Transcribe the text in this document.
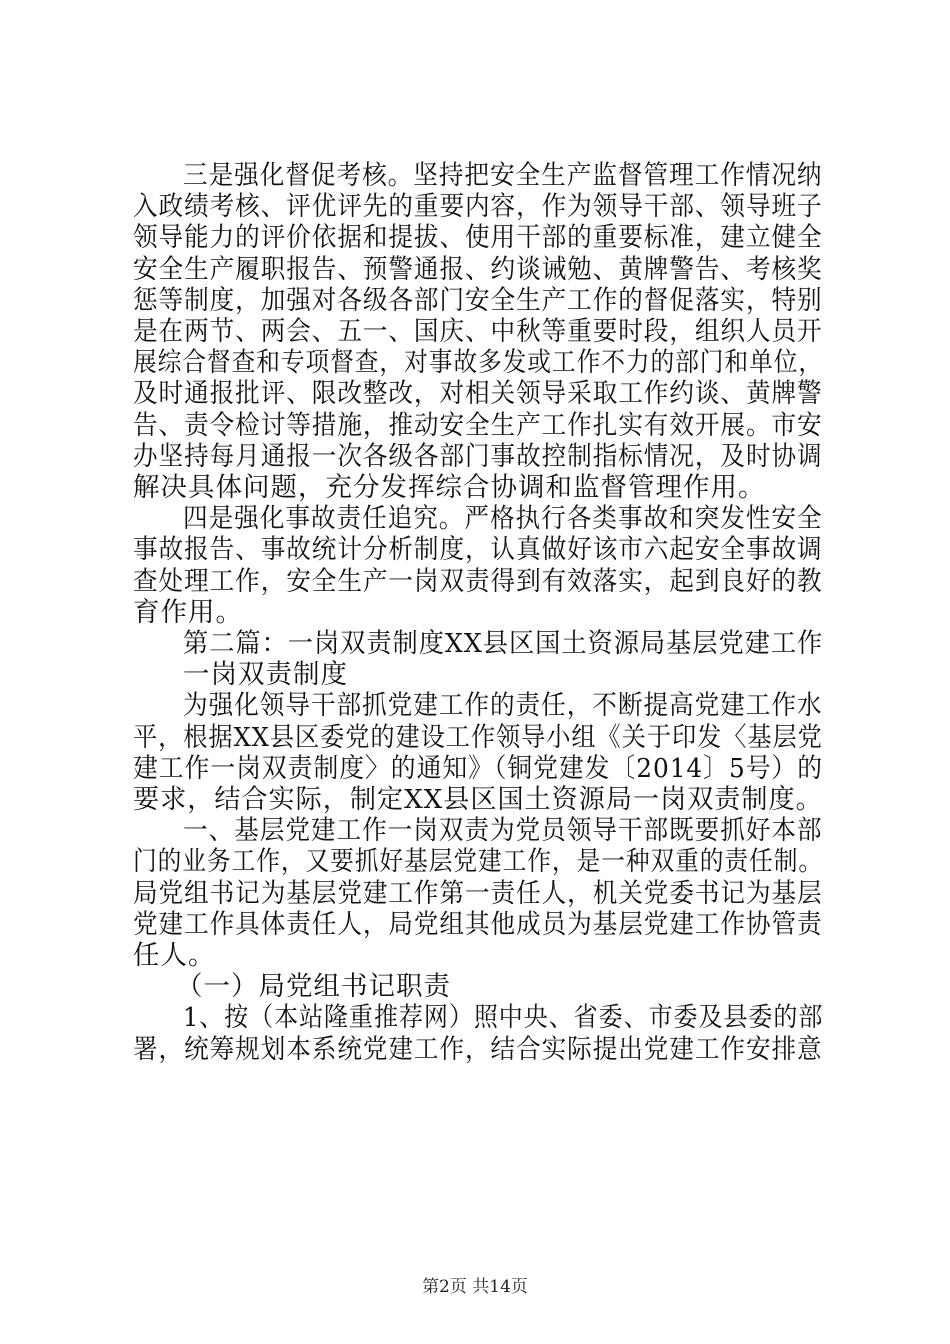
三是强化督促考核。坚持把安全生产监督管理工作情况纳
入政绩考核、评优评先的重要内容，作为领导干部、领导班子
领导能力的评价依据和提拔、使用干部的重要标准，建立健全
安全生产履职报告、预警通报、约谈诫勉、黄牌警告、考核奖
惩等制度，加强对各级各部门安全生产工作的督促落实，特别
是在两节、两会、五一、国庆、中秋等重要时段，组织人员开
展综合督查和专项督查，对事故多发或工作不力的部门和单位，
及时通报批评、限改整改，对相关领导采取工作约谈、黄牌警
告、责令检讨等措施，推动安全生产工作扎实有效开展。市安
办坚持每月通报一次各级各部门事故控制指标情况，及时协调
解决具体问题，充分发挥综合协调和监督管理作用。
四是强化事故责任追究。严格执行各类事故和突发性安全
事故报告、事故统计分析制度，认真做好该市六起安全事故调
查处理工作，安全生产一岗双责得到有效落实，起到良好的教
育作用。
第二篇：一岗双责制度XX县区国土资源局基层党建工作
一岗双责制度
为强化领导干部抓党建工作的责任，不断提高党建工作水
平，根据XX县区委党的建设工作领导小组《关于印发〈基层党
建工作一岗双责制度〉的通知》（铜党建发〔2014〕5号）的
要求，结合实际，制定XX县区国土资源局一岗双责制度。
一、基层党建工作一岗双责为党员领导干部既要抓好本部
门的业务工作，又要抓好基层党建工作，是一种双重的责任制。
局党组书记为基层党建工作第一责任人，机关党委书记为基层
党建工作具体责任人，局党组其他成员为基层党建工作协管责
任人。
（一）局党组书记职责
1、按（本站隆重推荐网）照中央、省委、市委及县委的部
署，统筹规划本系统党建工作，结合实际提出党建工作安排意
第2页 共14页
